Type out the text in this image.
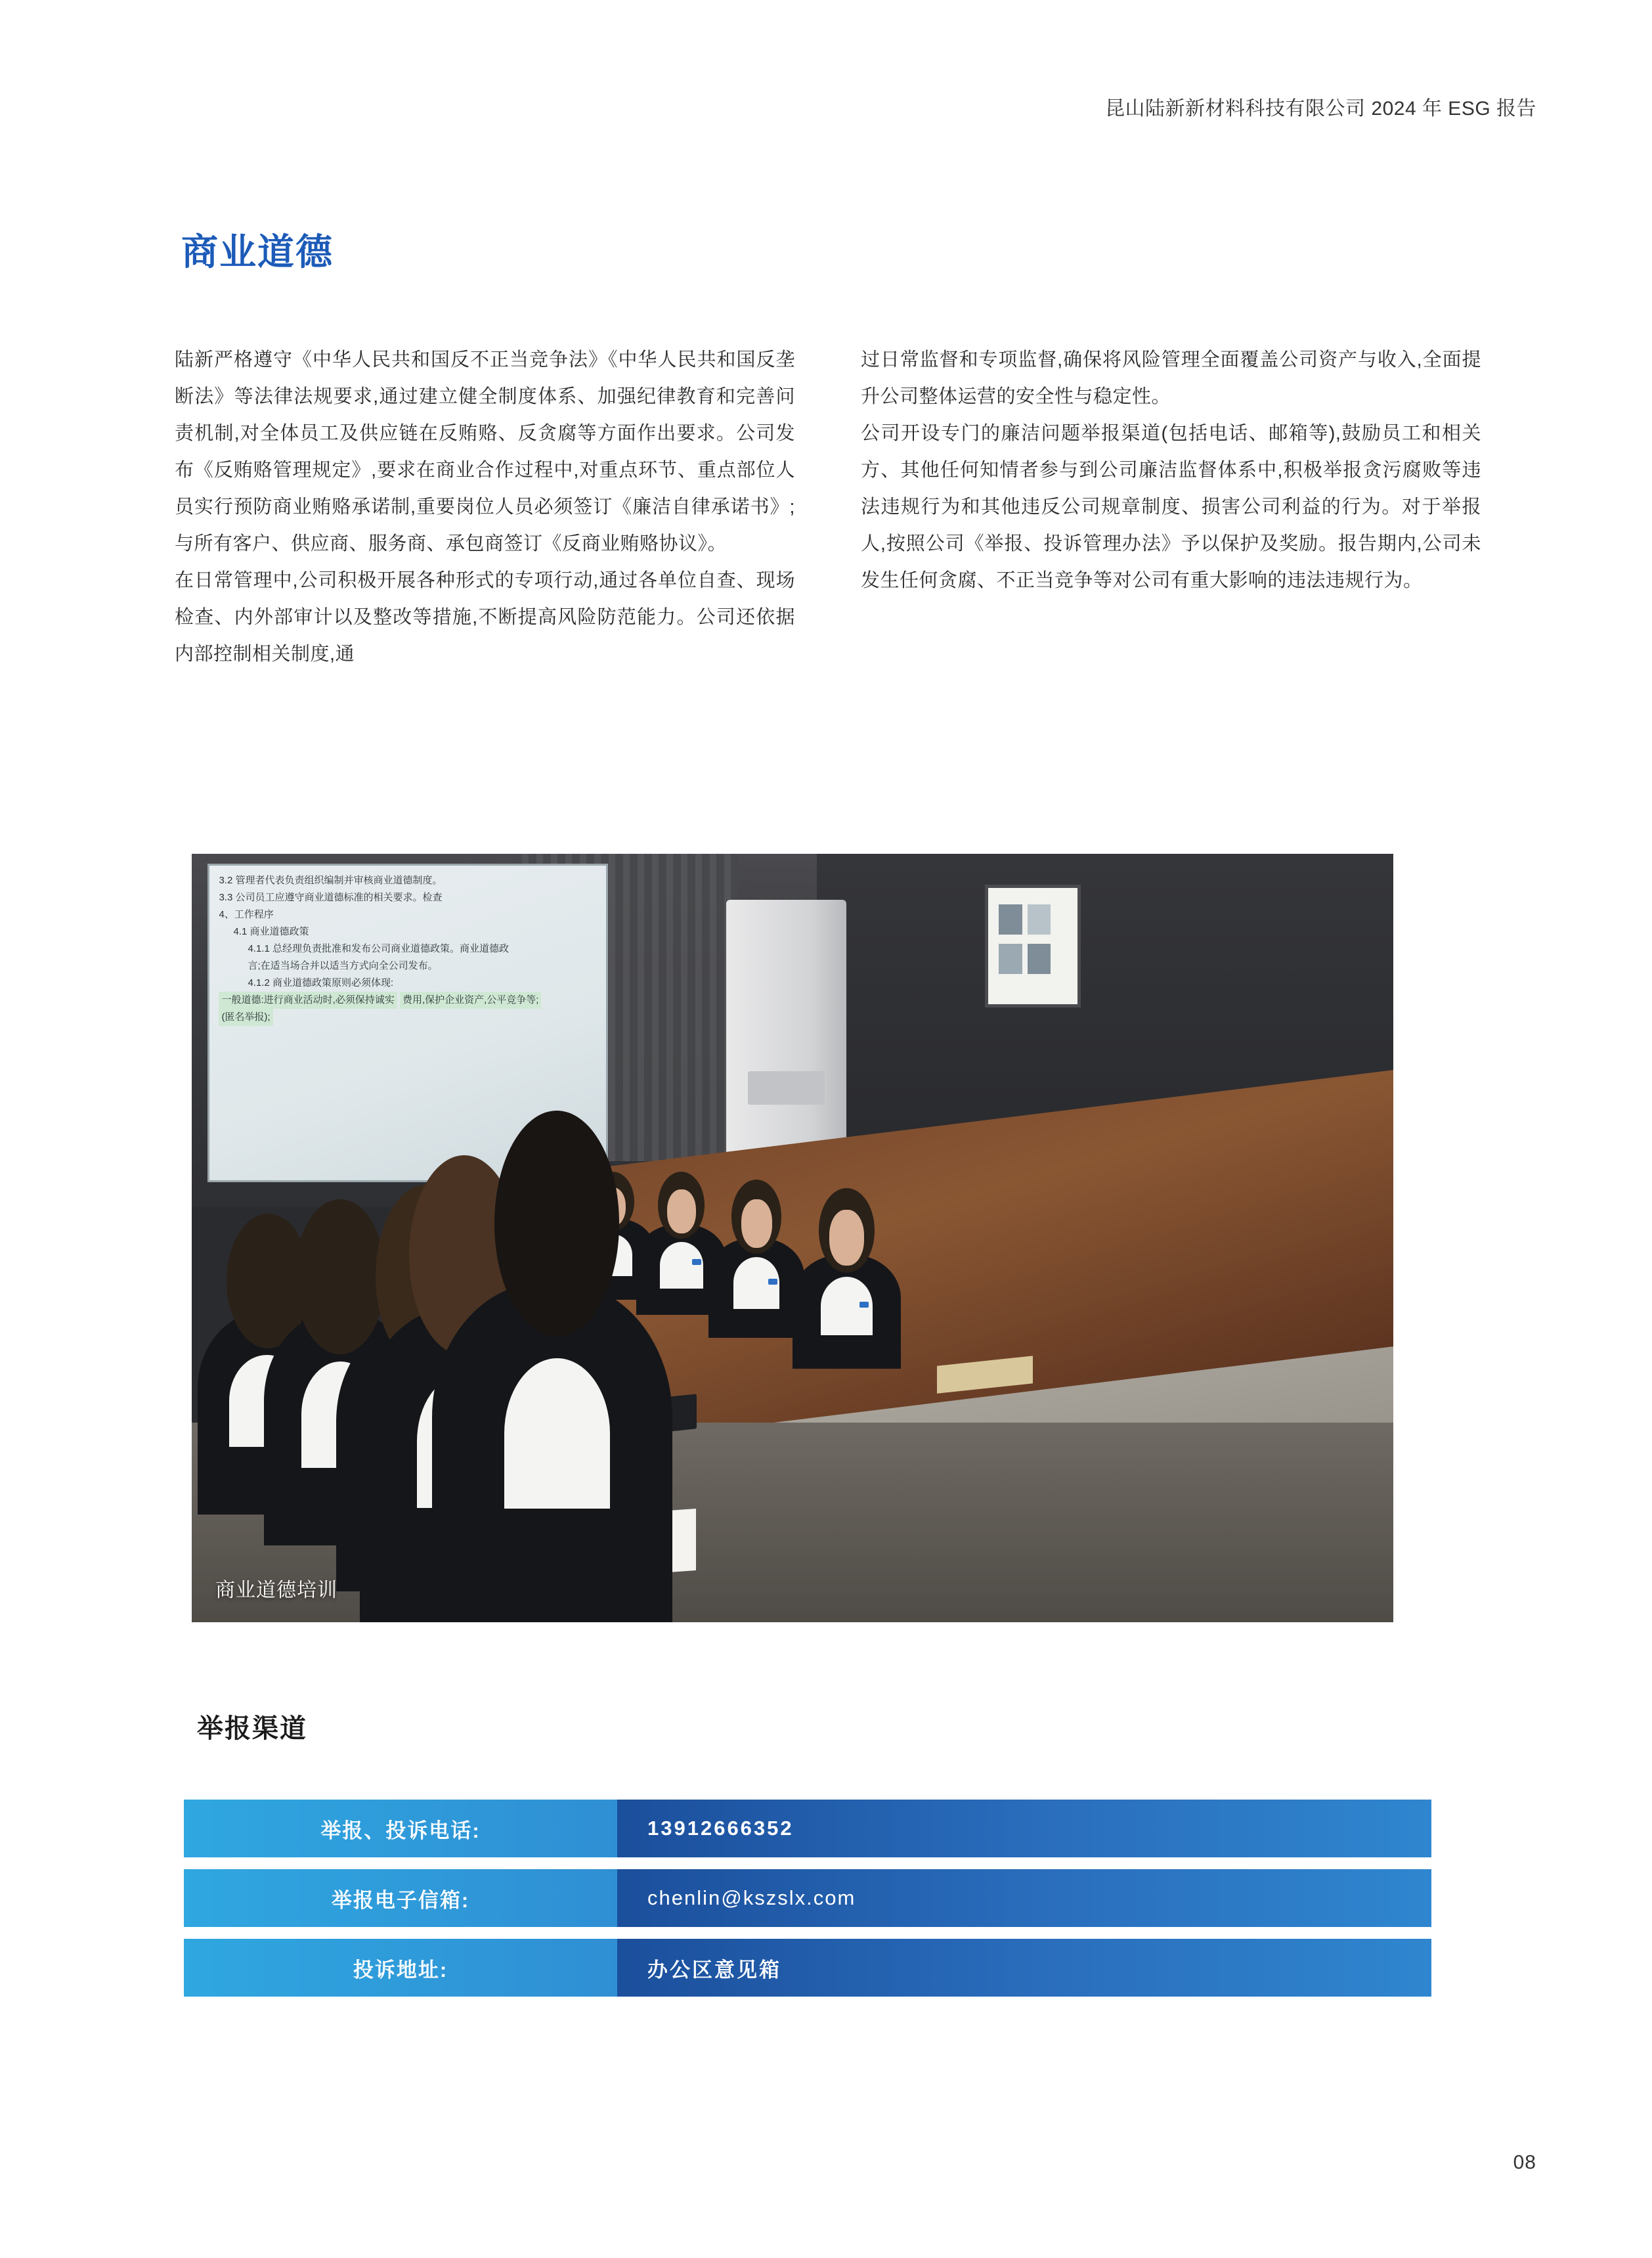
昆山陆新新材料科技有限公司 2024 年 ESG 报告
商业道德

陆新严格遵守《中华人民共和国反不正当竞争法》《中华人民共和国反垄断法》等法律法规要求,通过建立健全制度体系、加强纪律教育和完善问责机制,对全体员工及供应链在反贿赂、反贪腐等方面作出要求。公司发布《反贿赂管理规定》,要求在商业合作过程中,对重点环节、重点部位人员实行预防商业贿赂承诺制,重要岗位人员必须签订《廉洁自律承诺书》;与所有客户、供应商、服务商、承包商签订《反商业贿赂协议》。

在日常管理中,公司积极开展各种形式的专项行动,通过各单位自查、现场检查、内外部审计以及整改等措施,不断提高风险防范能力。公司还依据内部控制相关制度,通

过日常监督和专项监督,确保将风险管理全面覆盖公司资产与收入,全面提升公司整体运营的安全性与稳定性。

公司开设专门的廉洁问题举报渠道(包括电话、邮箱等),鼓励员工和相关方、其他任何知情者参与到公司廉洁监督体系中,积极举报贪污腐败等违法违规行为和其他违反公司规章制度、损害公司利益的行为。对于举报人,按照公司《举报、投诉管理办法》予以保护及奖励。报告期内,公司未发生任何贪腐、不正当竞争等对公司有重大影响的违法违规行为。

3.2 管理者代表负责组织编制并审核商业道德制度。
3.3 公司员工应遵守商业道德标准的相关要求。检查
4、工作程序
4.1 商业道德政策
4.1.1 总经理负责批准和发布公司商业道德政策。商业道德政
言;在适当场合并以适当方式向全公司发布。
4.1.2 商业道德政策原则必须体现:
一般道德:进行商业活动时,必须保持诚实 费用,保护企业资产,公平竞争等; (匿名举报);
商业道德培训
举报渠道
举报、投诉电话:	13912666352
举报电子信箱:	chenlin@kszslx.com
投诉地址:	办公区意见箱
08
